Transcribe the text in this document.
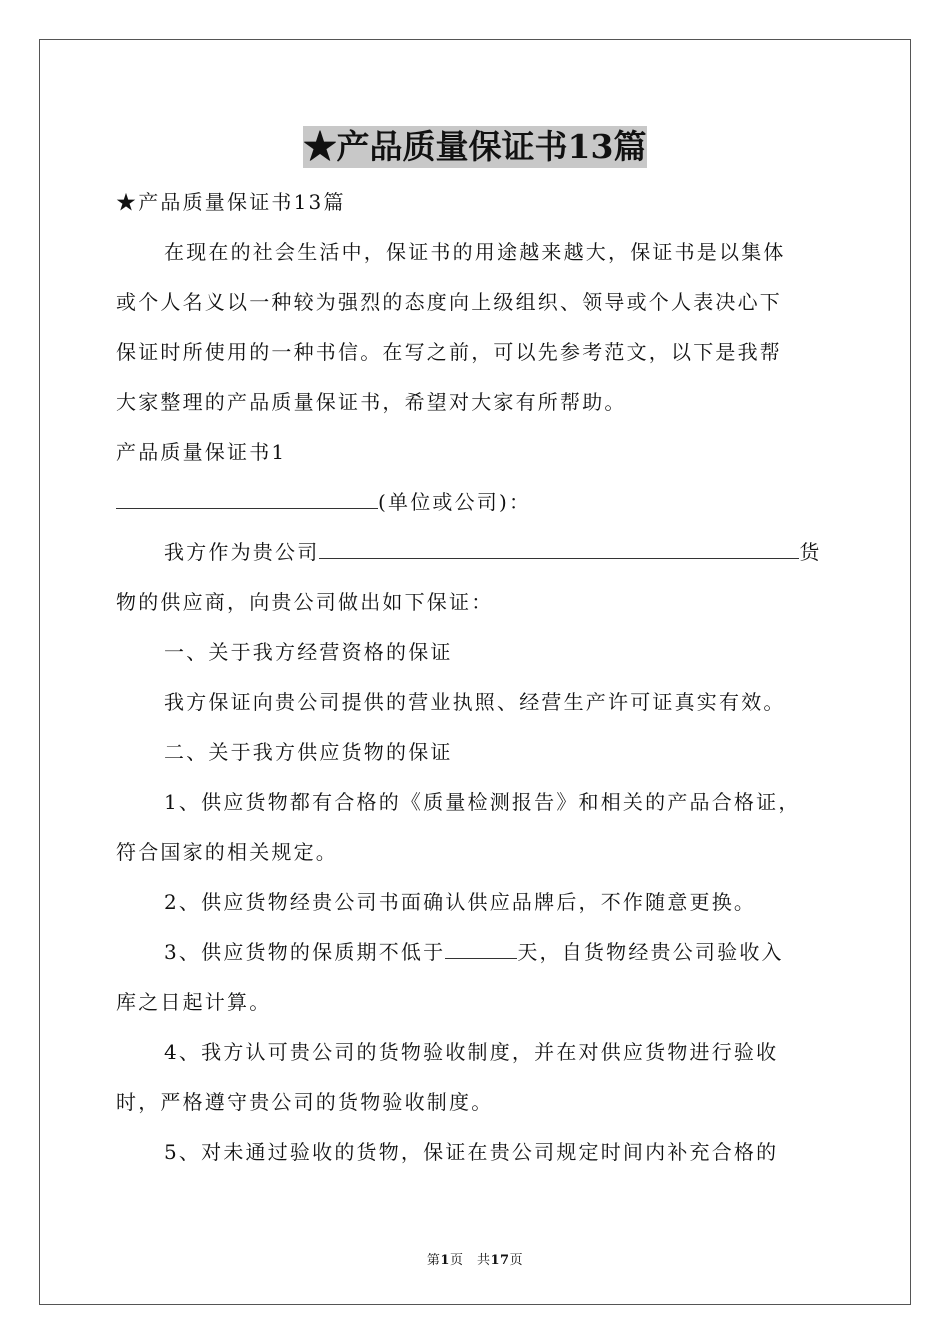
★产品质量保证书13篇
★产品质量保证书13篇
在现在的社会生活中，保证书的用途越来越大，保证书是以集体
或个人名义以一种较为强烈的态度向上级组织、领导或个人表决心下
保证时所使用的一种书信。在写之前，可以先参考范文，以下是我帮
大家整理的产品质量保证书，希望对大家有所帮助。
产品质量保证书1
(单位或公司)：
我方作为贵公司	货
物的供应商，向贵公司做出如下保证：
一、关于我方经营资格的保证
我方保证向贵公司提供的营业执照、经营生产许可证真实有效。
二、关于我方供应货物的保证
1、供应货物都有合格的《质量检测报告》和相关的产品合格证，
符合国家的相关规定。
2、供应货物经贵公司书面确认供应品牌后，不作随意更换。
3、供应货物的保质期不低于	天，自货物经贵公司验收入
库之日起计算。
4、我方认可贵公司的货物验收制度，并在对供应货物进行验收
时，严格遵守贵公司的货物验收制度。
5、对未通过验收的货物，保证在贵公司规定时间内补充合格的
第1页　共17页
